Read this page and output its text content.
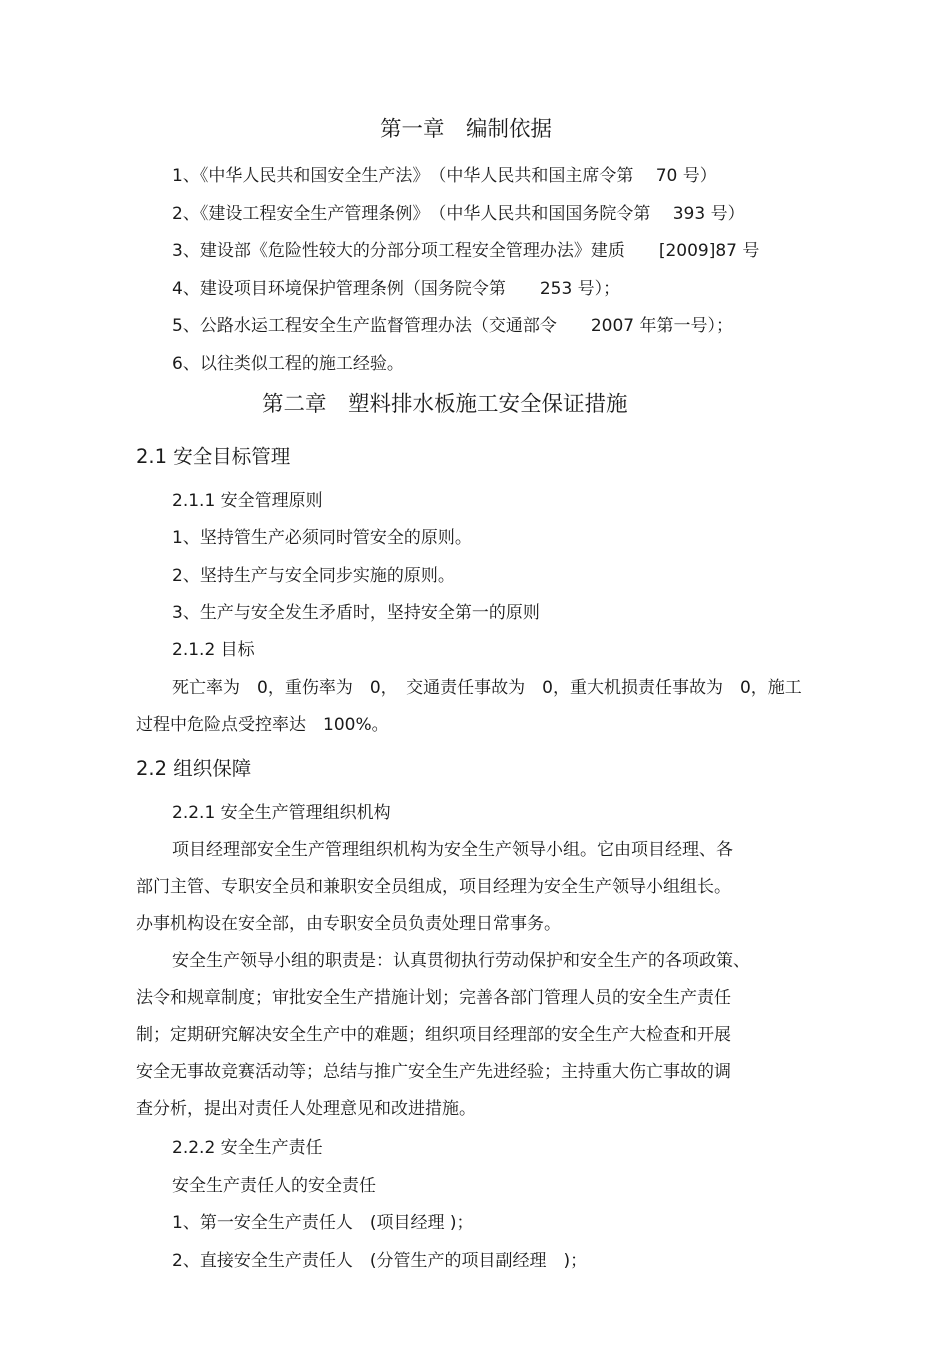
第一章　编制依据
1、《中华人民共和国安全生产法》　（中华人民共和国主席令第　 70 号）
2、《建设工程安全生产管理条例》　（中华人民共和国国务院令第　 393 号）
3、建设部《危险性较大的分部分项工程安全管理办法》建质　　[2009]87 号
4、建设项目环境保护管理条例（国务院令第　　253 号）；
5、公路水运工程安全生产监督管理办法（交通部令　　2007 年第一号）；
6、以往类似工程的施工经验。
第二章　塑料排水板施工安全保证措施
2.1 安全目标管理
2.1.1 安全管理原则
1、坚持管生产必须同时管安全的原则。
2、坚持生产与安全同步实施的原则。
3、生产与安全发生矛盾时，坚持安全第一的原则
2.1.2 目标
死亡率为　0，重伤率为　0，　交通责任事故为　0，重大机损责任事故为　0，施工
过程中危险点受控率达　100%。
2.2 组织保障
2.2.1 安全生产管理组织机构
项目经理部安全生产管理组织机构为安全生产领导小组。它由项目经理、各
部门主管、专职安全员和兼职安全员组成，项目经理为安全生产领导小组组长。
办事机构设在安全部，由专职安全员负责处理日常事务。
安全生产领导小组的职责是：认真贯彻执行劳动保护和安全生产的各项政策、
法令和规章制度；审批安全生产措施计划；完善各部门管理人员的安全生产责任
制；定期研究解决安全生产中的难题；组织项目经理部的安全生产大检查和开展
安全无事故竞赛活动等；总结与推广安全生产先进经验；主持重大伤亡事故的调
查分析，提出对责任人处理意见和改进措施。
2.2.2 安全生产责任
安全生产责任人的安全责任
1、第一安全生产责任人　(项目经理 )；
2、直接安全生产责任人　(分管生产的项目副经理　)；
